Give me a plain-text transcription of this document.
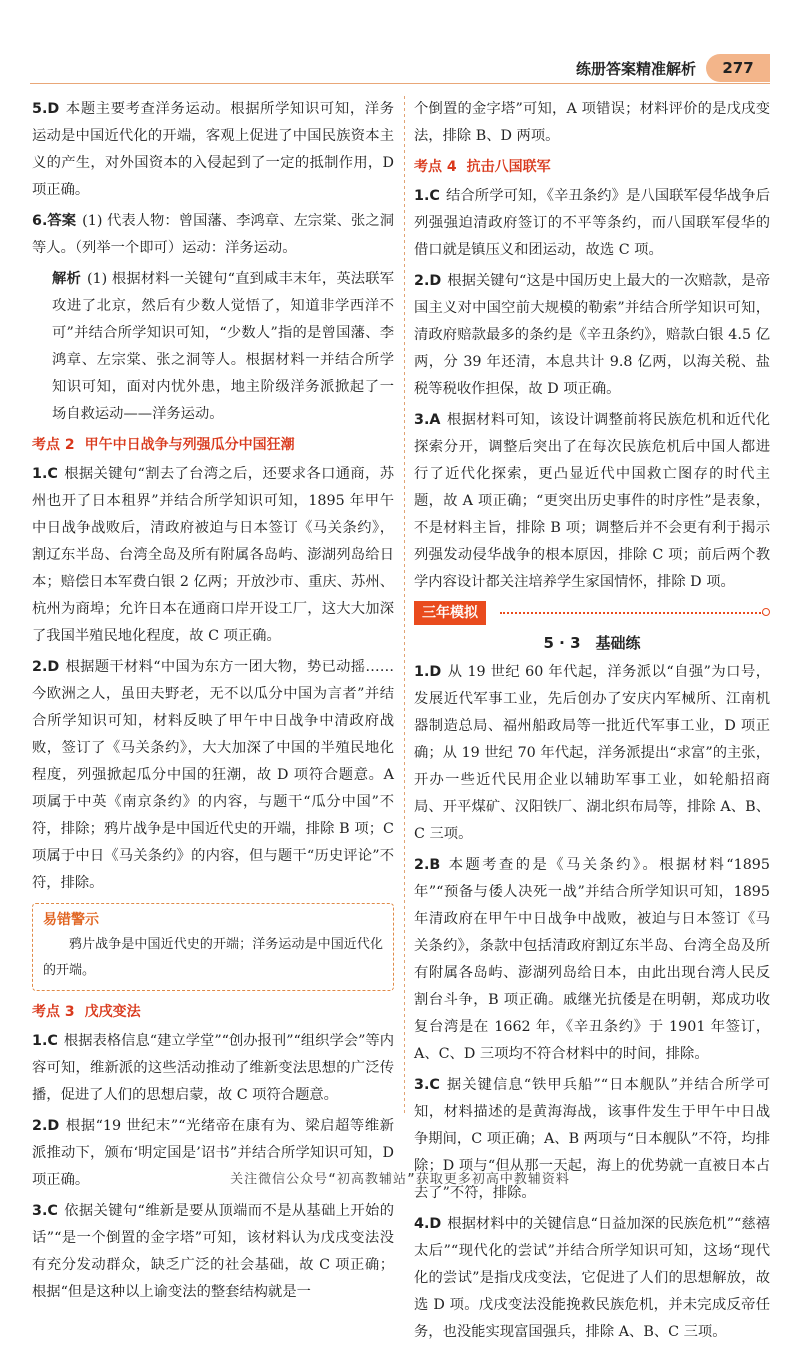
练册答案精准解析	277

5.D 本题主要考查洋务运动。根据所学知识可知，洋务运动是中国近代化的开端，客观上促进了中国民族资本主义的产生，对外国资本的入侵起到了一定的抵制作用，D 项正确。

6.答案 (1) 代表人物：曾国藩、李鸿章、左宗棠、张之洞等人。（列举一个即可）运动：洋务运动。

解析 (1) 根据材料一关键句“直到咸丰末年，英法联军攻进了北京，然后有少数人觉悟了，知道非学西洋不可”并结合所学知识可知，“少数人”指的是曾国藩、李鸿章、左宗棠、张之洞等人。根据材料一并结合所学知识可知，面对内忧外患，地主阶级洋务派掀起了一场自救运动——洋务运动。

考点 2 甲午中日战争与列强瓜分中国狂潮

1.C 根据关键句“割去了台湾之后，还要求各口通商，苏州也开了日本租界”并结合所学知识可知，1895 年甲午中日战争战败后，清政府被迫与日本签订《马关条约》，割辽东半岛、台湾全岛及所有附属各岛屿、澎湖列岛给日本；赔偿日本军费白银 2 亿两；开放沙市、重庆、苏州、杭州为商埠；允许日本在通商口岸开设工厂，这大大加深了我国半殖民地化程度，故 C 项正确。

2.D 根据题干材料“中国为东方一团大物，势已动摇……今欧洲之人，虽田夫野老，无不以瓜分中国为言者”并结合所学知识可知，材料反映了甲午中日战争中清政府战败，签订了《马关条约》，大大加深了中国的半殖民地化程度，列强掀起瓜分中国的狂潮，故 D 项符合题意。A 项属于中英《南京条约》的内容，与题干“瓜分中国”不符，排除；鸦片战争是中国近代史的开端，排除 B 项；C 项属于中日《马关条约》的内容，但与题干“历史评论”不符，排除。

易错警示
鸦片战争是中国近代史的开端；洋务运动是中国近代化的开端。
考点 3 戊戌变法

1.C 根据表格信息“建立学堂”“创办报刊”“组织学会”等内容可知，维新派的这些活动推动了维新变法思想的广泛传播，促进了人们的思想启蒙，故 C 项符合题意。

2.D 根据“19 世纪末”“光绪帝在康有为、梁启超等维新派推动下，颁布‘明定国是’诏书”并结合所学知识可知，D 项正确。

3.C 依据关键句“维新是要从顶端而不是从基础上开始的话”“是一个倒置的金字塔”可知，该材料认为戊戌变法没有充分发动群众，缺乏广泛的社会基础，故 C 项正确；根据“但是这种以上谕变法的整套结构就是一

个倒置的金字塔”可知，A 项错误；材料评价的是戊戌变法，排除 B、D 两项。

考点 4 抗击八国联军

1.C 结合所学可知，《辛丑条约》是八国联军侵华战争后列强强迫清政府签订的不平等条约，而八国联军侵华的借口就是镇压义和团运动，故选 C 项。

2.D 根据关键句“这是中国历史上最大的一次赔款，是帝国主义对中国空前大规模的勒索”并结合所学知识可知，清政府赔款最多的条约是《辛丑条约》，赔款白银 4.5 亿两，分 39 年还清，本息共计 9.8 亿两，以海关税、盐税等税收作担保，故 D 项正确。

3.A 根据材料可知，该设计调整前将民族危机和近代化探索分开，调整后突出了在每次民族危机后中国人都进行了近代化探索，更凸显近代中国救亡图存的时代主题，故 A 项正确；“更突出历史事件的时序性”是表象，不是材料主旨，排除 B 项；调整后并不会更有利于揭示列强发动侵华战争的根本原因，排除 C 项；前后两个教学内容设计都关注培养学生家国情怀，排除 D 项。

三年模拟
5 · 3　基础练

1.D 从 19 世纪 60 年代起，洋务派以“自强”为口号，发展近代军事工业，先后创办了安庆内军械所、江南机器制造总局、福州船政局等一批近代军事工业，D 项正确；从 19 世纪 70 年代起，洋务派提出“求富”的主张，开办一些近代民用企业以辅助军事工业，如轮船招商局、开平煤矿、汉阳铁厂、湖北织布局等，排除 A、B、C 三项。

2.B 本题考查的是《马关条约》。根据材料“1895 年”“预备与倭人决死一战”并结合所学知识可知，1895 年清政府在甲午中日战争中战败，被迫与日本签订《马关条约》，条款中包括清政府割辽东半岛、台湾全岛及所有附属各岛屿、澎湖列岛给日本，由此出现台湾人民反割台斗争，B 项正确。戚继光抗倭是在明朝，郑成功收复台湾是在 1662 年，《辛丑条约》于 1901 年签订，A、C、D 三项均不符合材料中的时间，排除。

3.C 据关键信息“铁甲兵船”“日本舰队”并结合所学可知，材料描述的是黄海海战，该事件发生于甲午中日战争期间，C 项正确；A、B 两项与“日本舰队”不符，均排除；D 项与“但从那一天起，海上的优势就一直被日本占去了”不符，排除。

4.D 根据材料中的关键信息“日益加深的民族危机”“慈禧太后”“现代化的尝试”并结合所学知识可知，这场“现代化的尝试”是指戊戌变法，它促进了人们的思想解放，故选 D 项。戊戌变法没能挽救民族危机，并未完成反帝任务，也没能实现富国强兵，排除 A、B、C 三项。

关注微信公众号“初高教辅站”获取更多初高中教辅资料
